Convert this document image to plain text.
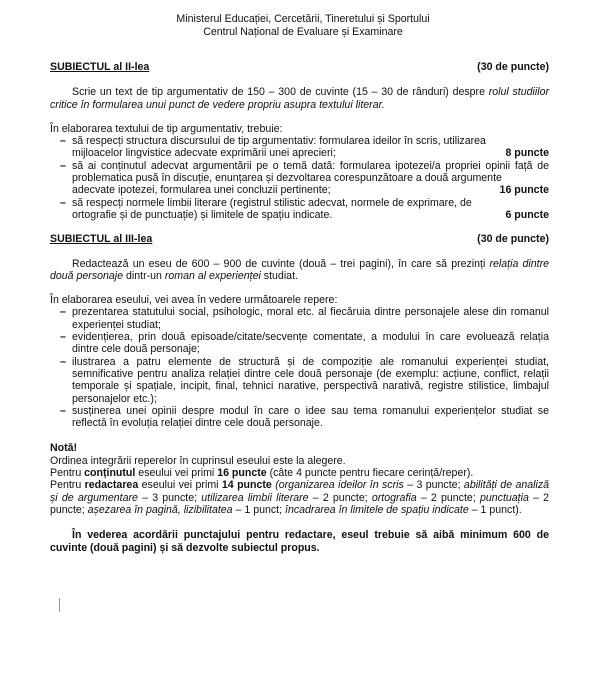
Ministerul Educației, Cercetării, Tineretului și Sportului
Centrul Național de Evaluare și Examinare
SUBIECTUL al II-lea	(30 de puncte)

Scrie un text de tip argumentativ de 150 – 300 de cuvinte (15 – 30 de rânduri) despre rolul studiilor critice în formularea unui punct de vedere propriu asupra textului literar.

În elaborarea textului de tip argumentativ, trebuie:

– să respecți structura discursului de tip argumentativ: formularea ideilor în scris, utilizarea
mijloacelor lingvistice adecvate exprimării unei aprecieri;	8 puncte
– să ai conținutul adecvat argumentării pe o temă dată: formularea ipotezei/a propriei opinii față de problematica pusă în discuție, enunțarea și dezvoltarea corespunzătoare a două argumente
adecvate ipotezei, formularea unei concluzii pertinente;	16 puncte
– să respecți normele limbii literare (registrul stilistic adecvat, normele de exprimare, de
ortografie și de punctuație) și limitele de spațiu indicate.	6 puncte
SUBIECTUL al III-lea	(30 de puncte)

Redactează un eseu de 600 – 900 de cuvinte (două – trei pagini), în care să prezinți relația dintre două personaje dintr-un roman al experienței studiat.

În elaborarea eseului, vei avea în vedere următoarele repere:

– prezentarea statutului social, psihologic, moral etc. al fiecăruia dintre personajele alese din romanul experienței studiat;
– evidențierea, prin două episoade/citate/secvențe comentate, a modului în care evoluează relația dintre cele două personaje;
– ilustrarea a patru elemente de structură și de compoziție ale romanului experienței studiat, semnificative pentru analiza relației dintre cele două personaje (de exemplu: acțiune, conflict, relații temporale și spațiale, incipit, final, tehnici narative, perspectivă narativă, registre stilistice, limbajul personajelor etc.);
– susținerea unei opinii despre modul în care o idee sau tema romanului experiențelor studiat se reflectă în evoluția relației dintre cele două personaje.

Notă!

Ordinea integrării reperelor în cuprinsul eseului este la alegere.

Pentru conținutul eseului vei primi 16 puncte (câte 4 puncte pentru fiecare cerință/reper).

Pentru redactarea eseului vei primi 14 puncte (organizarea ideilor în scris – 3 puncte; abilități de analiză și de argumentare – 3 puncte; utilizarea limbii literare – 2 puncte; ortografia – 2 puncte; punctuația – 2 puncte; așezarea în pagină, lizibilitatea – 1 punct; încadrarea în limitele de spațiu indicate – 1 punct).

În vederea acordării punctajului pentru redactare, eseul trebuie să aibă minimum 600 de cuvinte (două pagini) și să dezvolte subiectul propus.
